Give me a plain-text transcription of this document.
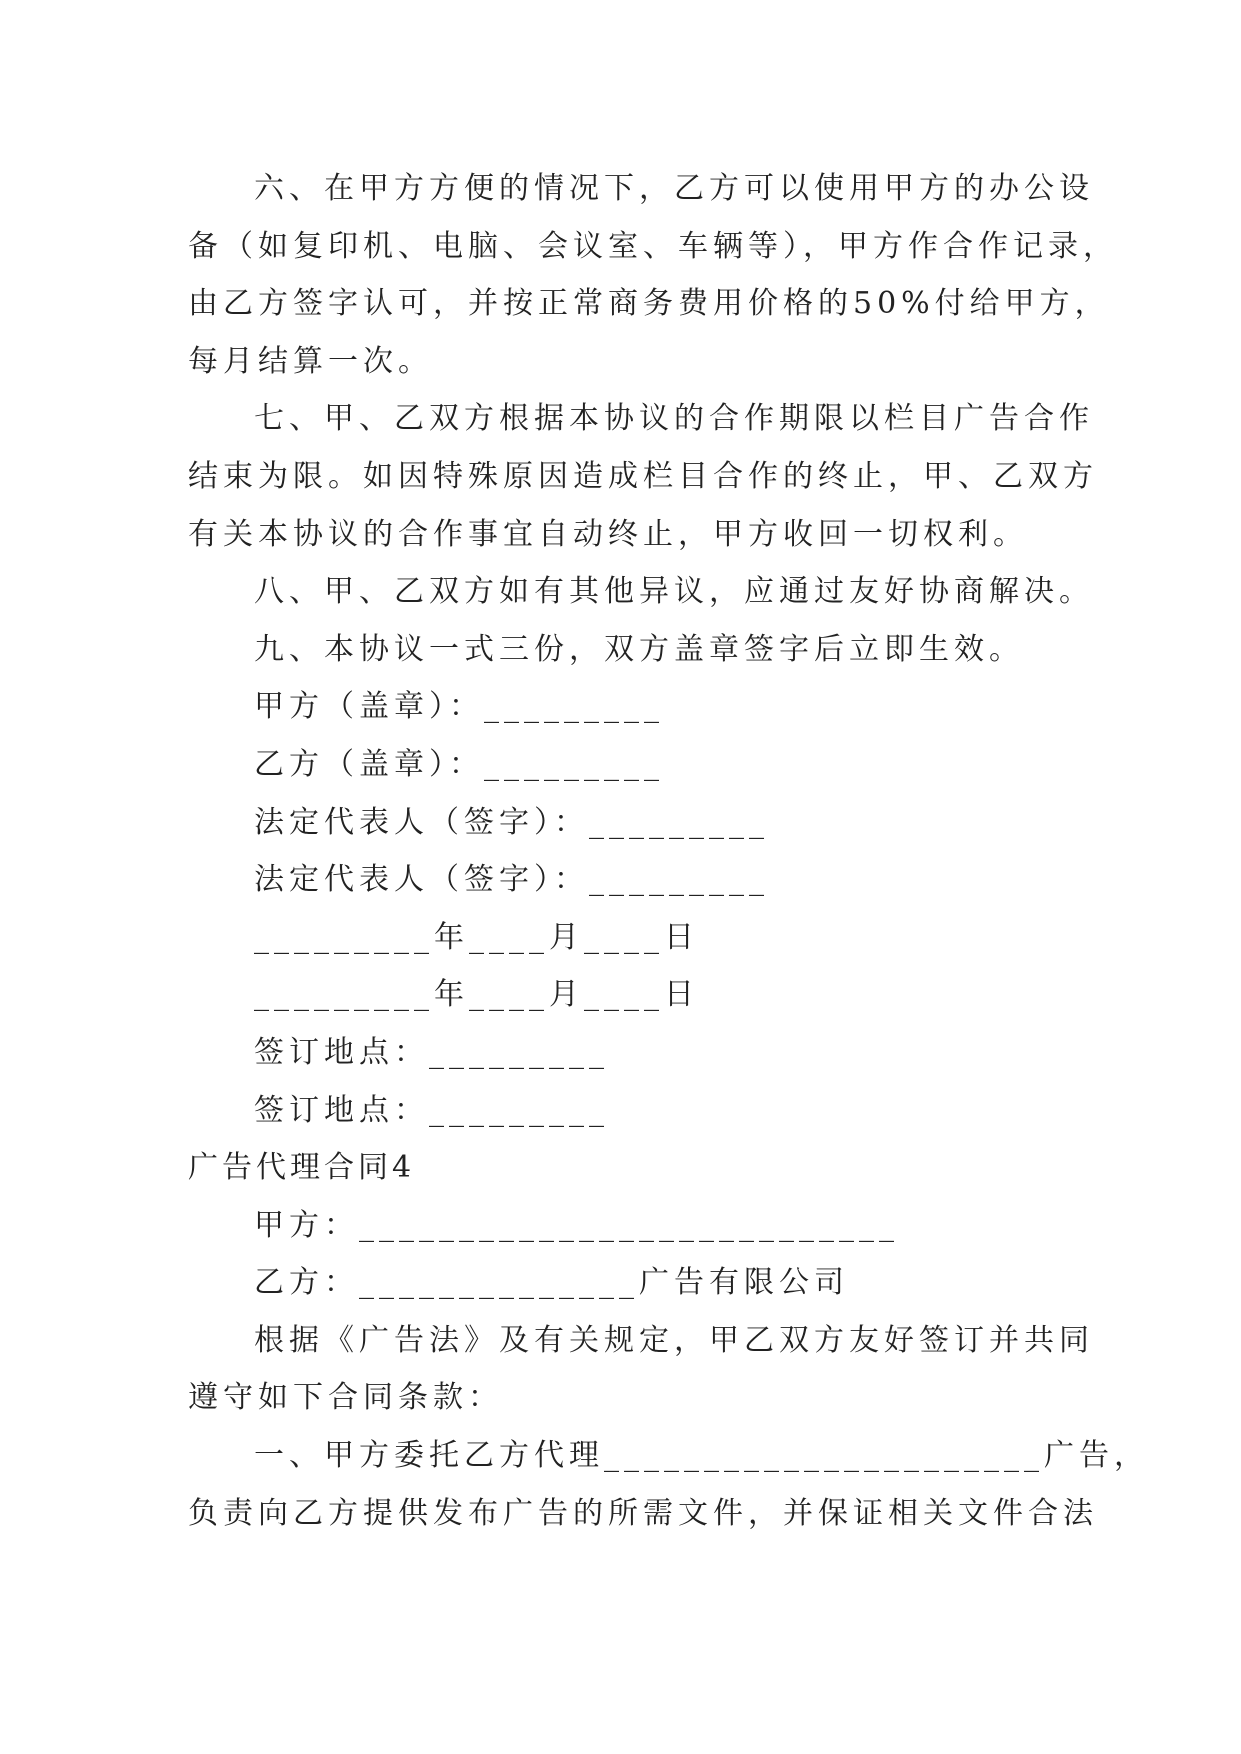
六、在甲方方便的情况下，乙方可以使用甲方的办公设

备（如复印机、电脑、会议室、车辆等），甲方作合作记录，

由乙方签字认可，并按正常商务费用价格的50%付给甲方，

每月结算一次。

七、甲、乙双方根据本协议的合作期限以栏目广告合作

结束为限。如因特殊原因造成栏目合作的终止，甲、乙双方

有关本协议的合作事宜自动终止，甲方收回一切权利。

八、甲、乙双方如有其他异议，应通过友好协商解决。

九、本协议一式三份，双方盖章签字后立即生效。

甲方（盖章）：_________

乙方（盖章）：_________

法定代表人（签字）：_________

法定代表人（签字）：_________

_________年____月____日

_________年____月____日

签订地点：_________

签订地点：_________

广告代理合同4

甲方：___________________________

乙方：______________广告有限公司

根据《广告法》及有关规定，甲乙双方友好签订并共同

遵守如下合同条款：

一、甲方委托乙方代理______________________广告，

负责向乙方提供发布广告的所需文件，并保证相关文件合法
